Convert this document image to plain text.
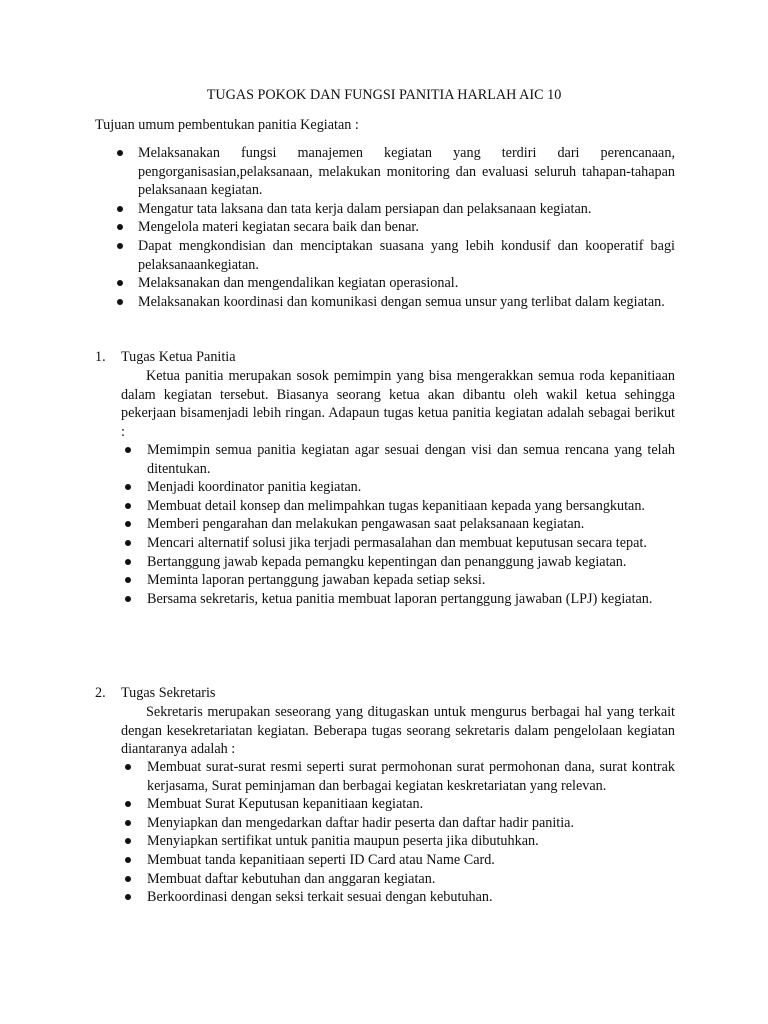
TUGAS POKOK DAN FUNGSI PANITIA HARLAH AIC 10

Tujuan umum pembentukan panitia Kegiatan :

Melaksanakan fungsi manajemen kegiatan yang terdiri dari perencanaan, pengorganisasian,pelaksanaan, melakukan monitoring dan evaluasi seluruh tahapan-tahapan pelaksanaan kegiatan.
Mengatur tata laksana dan tata kerja dalam persiapan dan pelaksanaan kegiatan.
Mengelola materi kegiatan secara baik dan benar.
Dapat mengkondisian dan menciptakan suasana yang lebih kondusif dan kooperatif bagi pelaksanaankegiatan.
Melaksanakan dan mengendalikan kegiatan operasional.
Melaksanakan koordinasi dan komunikasi dengan semua unsur yang terlibat dalam kegiatan.

1. Tugas Ketua Panitia

Ketua panitia merupakan sosok pemimpin yang bisa mengerakkan semua roda kepanitiaan dalam kegiatan tersebut. Biasanya seorang ketua akan dibantu oleh wakil ketua sehingga pekerjaan bisamenjadi lebih ringan. Adapaun tugas ketua panitia kegiatan adalah sebagai berikut :

Memimpin semua panitia kegiatan agar sesuai dengan visi dan semua rencana yang telah ditentukan.
Menjadi koordinator panitia kegiatan.
Membuat detail konsep dan melimpahkan tugas kepanitiaan kepada yang bersangkutan.
Memberi pengarahan dan melakukan pengawasan saat pelaksanaan kegiatan.
Mencari alternatif solusi jika terjadi permasalahan dan membuat keputusan secara tepat.
Bertanggung jawab kepada pemangku kepentingan dan penanggung jawab kegiatan.
Meminta laporan pertanggung jawaban kepada setiap seksi.
Bersama sekretaris, ketua panitia membuat laporan pertanggung jawaban (LPJ) kegiatan.

2. Tugas Sekretaris

Sekretaris merupakan seseorang yang ditugaskan untuk mengurus berbagai hal yang terkait dengan kesekretariatan kegiatan. Beberapa tugas seorang sekretaris dalam pengelolaan kegiatan diantaranya adalah :

Membuat surat-surat resmi seperti surat permohonan surat permohonan dana, surat kontrak kerjasama, Surat peminjaman dan berbagai kegiatan keskretariatan yang relevan.
Membuat Surat Keputusan kepanitiaan kegiatan.
Menyiapkan dan mengedarkan daftar hadir peserta dan daftar hadir panitia.
Menyiapkan sertifikat untuk panitia maupun peserta jika dibutuhkan.
Membuat tanda kepanitiaan seperti ID Card atau Name Card.
Membuat daftar kebutuhan dan anggaran kegiatan.
Berkoordinasi dengan seksi terkait sesuai dengan kebutuhan.
